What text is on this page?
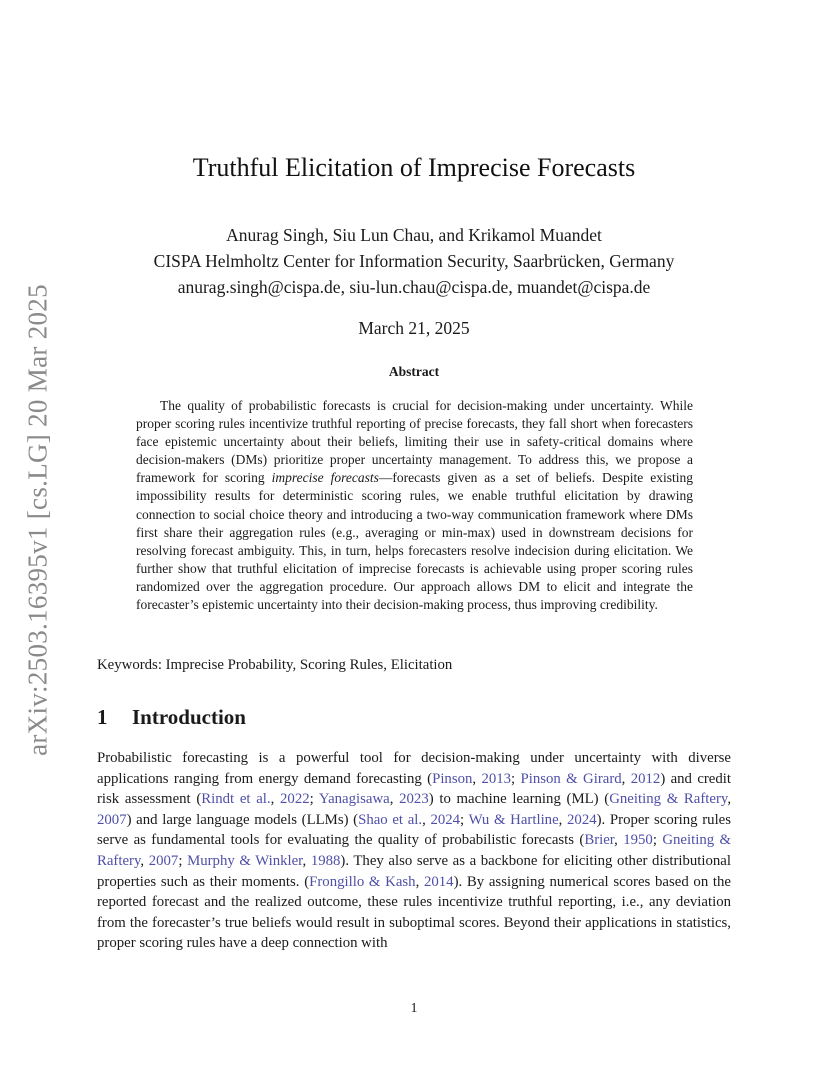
arXiv:2503.16395v1 [cs.LG] 20 Mar 2025
Truthful Elicitation of Imprecise Forecasts
Anurag Singh, Siu Lun Chau, and Krikamol Muandet
CISPA Helmholtz Center for Information Security, Saarbrücken, Germany
anurag.singh@cispa.de, siu-lun.chau@cispa.de, muandet@cispa.de
March 21, 2025
Abstract

The quality of probabilistic forecasts is crucial for decision-making under uncertainty. While proper scoring rules incentivize truthful reporting of precise forecasts, they fall short when forecasters face epistemic uncertainty about their beliefs, limiting their use in safety-critical domains where decision-makers (DMs) prioritize proper uncertainty management. To address this, we propose a framework for scoring imprecise forecasts—forecasts given as a set of beliefs. Despite existing impossibility results for deterministic scoring rules, we enable truthful elicitation by drawing connection to social choice theory and introducing a two-way communication framework where DMs first share their aggregation rules (e.g., averaging or min-max) used in downstream decisions for resolving forecast ambiguity. This, in turn, helps forecasters resolve indecision during elicitation. We further show that truthful elicitation of imprecise forecasts is achievable using proper scoring rules randomized over the aggregation procedure. Our approach allows DM to elicit and integrate the forecaster’s epistemic uncertainty into their decision-making process, thus improving credibility.

Keywords: Imprecise Probability, Scoring Rules, Elicitation
1 Introduction

Probabilistic forecasting is a powerful tool for decision-making under uncertainty with diverse applications ranging from energy demand forecasting (Pinson, 2013; Pinson & Girard, 2012) and credit risk assessment (Rindt et al., 2022; Yanagisawa, 2023) to machine learning (ML) (Gneiting & Raftery, 2007) and large language models (LLMs) (Shao et al., 2024; Wu & Hartline, 2024). Proper scoring rules serve as fundamental tools for evaluating the quality of probabilistic forecasts (Brier, 1950; Gneiting & Raftery, 2007; Murphy & Winkler, 1988). They also serve as a backbone for eliciting other distributional properties such as their moments. (Frongillo & Kash, 2014). By assigning numerical scores based on the reported forecast and the realized outcome, these rules incentivize truthful reporting, i.e., any deviation from the forecaster’s true beliefs would result in suboptimal scores. Beyond their applications in statistics, proper scoring rules have a deep connection with

1
